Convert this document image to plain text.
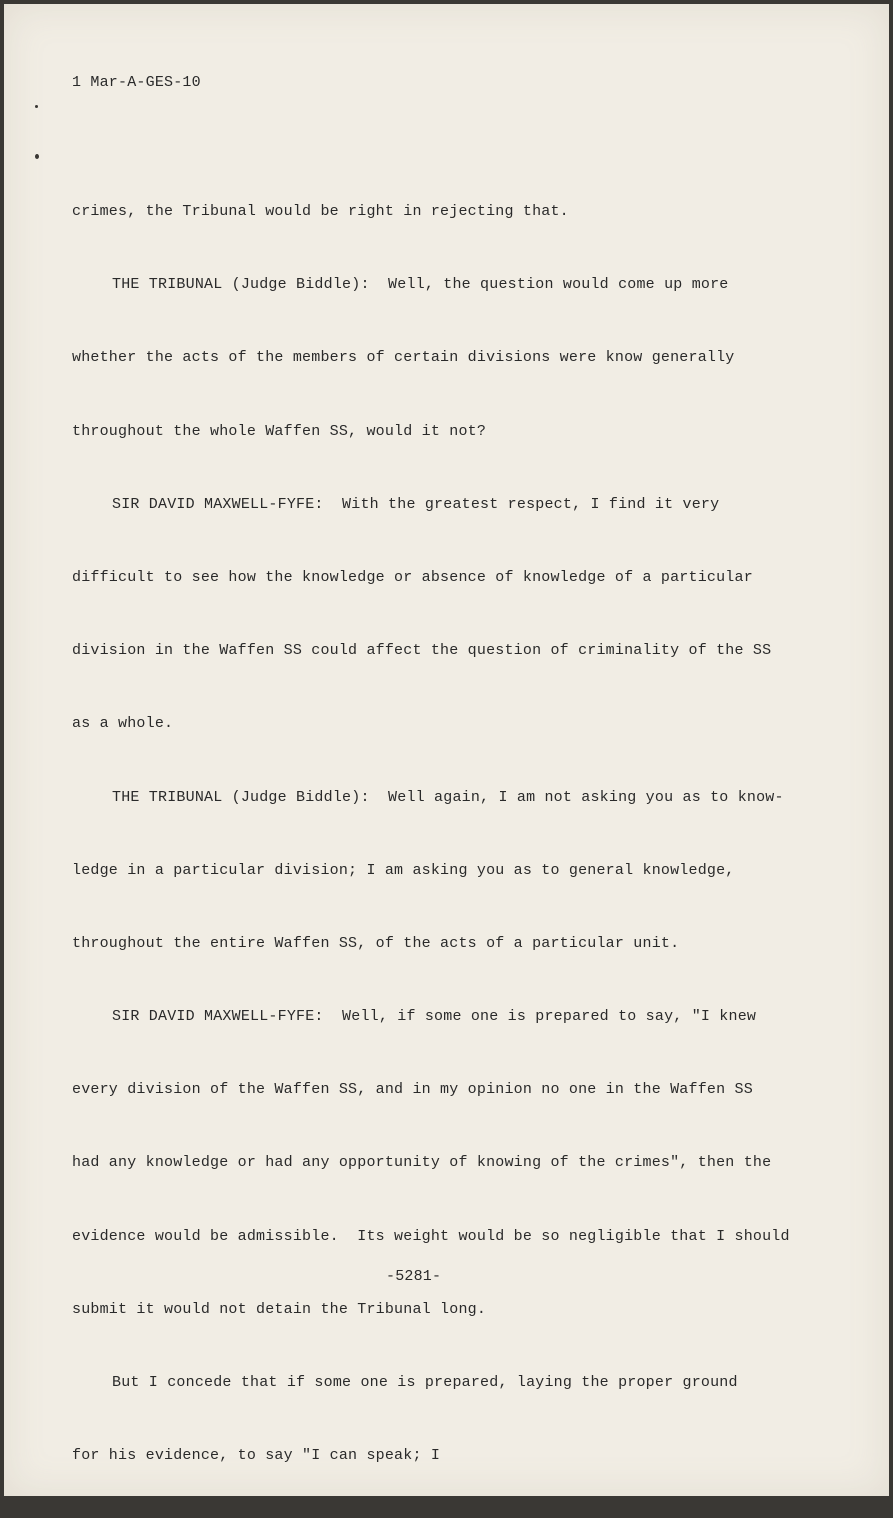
1 Mar-A-GES-10

crimes, the Tribunal would be right in rejecting that.

THE TRIBUNAL (Judge Biddle):  Well, the question would come up more

whether the acts of the members of certain divisions were know generally

throughout the whole Waffen SS, would it not?

SIR DAVID MAXWELL-FYFE:  With the greatest respect, I find it very

difficult to see how the knowledge or absence of knowledge of a particular

division in the Waffen SS could affect the question of criminality of the SS

as a whole.

THE TRIBUNAL (Judge Biddle):  Well again, I am not asking you as to know-

ledge in a particular division; I am asking you as to general knowledge,

throughout the entire Waffen SS, of the acts of a particular unit.

SIR DAVID MAXWELL-FYFE:  Well, if some one is prepared to say, "I knew

every division of the Waffen SS, and in my opinion no one in the Waffen SS

had any knowledge or had any opportunity of knowing of the crimes", then the

evidence would be admissible.  Its weight would be so negligible that I should

submit it would not detain the Tribunal long.

But I concede that if some one is prepared, laying the proper ground

for his evidence, to say "I can speak; I

-5281-
